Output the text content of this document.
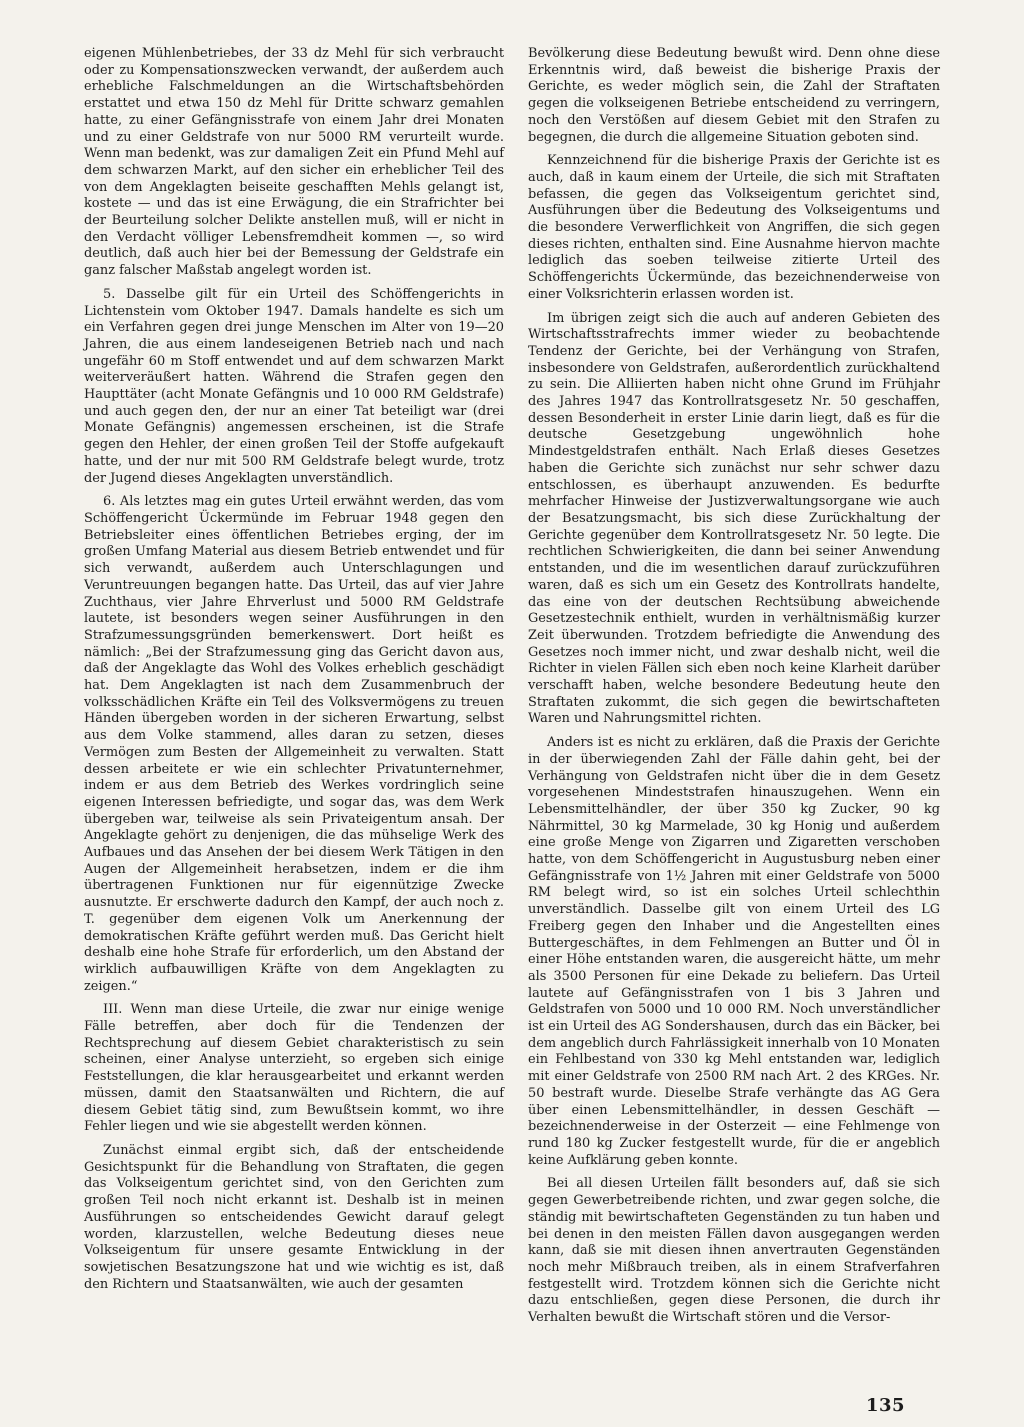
eigenen Mühlenbetriebes, der 33 dz Mehl für sich verbraucht oder zu Kompensationszwecken verwandt, der außerdem auch erhebliche Falschmeldungen an die Wirtschaftsbehörden erstattet und etwa 150 dz Mehl für Dritte schwarz gemahlen hatte, zu einer Gefängnisstrafe von einem Jahr drei Monaten und zu einer Geldstrafe von nur 5000 RM verurteilt wurde. Wenn man bedenkt, was zur damaligen Zeit ein Pfund Mehl auf dem schwarzen Markt, auf den sicher ein erheblicher Teil des von dem Angeklagten beiseite geschafften Mehls gelangt ist, kostete — und das ist eine Erwägung, die ein Strafrichter bei der Beurteilung solcher Delikte anstellen muß, will er nicht in den Verdacht völliger Lebensfremdheit kommen —, so wird deutlich, daß auch hier bei der Bemessung der Geldstrafe ein ganz falscher Maßstab angelegt worden ist.

5. Dasselbe gilt für ein Urteil des Schöffengerichts in Lichtenstein vom Oktober 1947. Damals handelte es sich um ein Verfahren gegen drei junge Menschen im Alter von 19—20 Jahren, die aus einem landeseigenen Betrieb nach und nach ungefähr 60 m Stoff entwendet und auf dem schwarzen Markt weiterveräußert hatten. Während die Strafen gegen den Haupttäter (acht Monate Gefängnis und 10 000 RM Geldstrafe) und auch gegen den, der nur an einer Tat beteiligt war (drei Monate Gefängnis) angemessen erscheinen, ist die Strafe gegen den Hehler, der einen großen Teil der Stoffe aufgekauft hatte, und der nur mit 500 RM Geldstrafe belegt wurde, trotz der Jugend dieses Angeklagten unverständlich.

6. Als letztes mag ein gutes Urteil erwähnt werden, das vom Schöffengericht Ückermünde im Februar 1948 gegen den Betriebsleiter eines öffentlichen Betriebes erging, der im großen Umfang Material aus diesem Betrieb entwendet und für sich verwandt, außerdem auch Unterschlagungen und Veruntreuungen begangen hatte. Das Urteil, das auf vier Jahre Zuchthaus, vier Jahre Ehrverlust und 5000 RM Geldstrafe lautete, ist besonders wegen seiner Ausführungen in den Strafzumessungsgründen bemerkenswert. Dort heißt es nämlich: „Bei der Strafzumessung ging das Gericht davon aus, daß der Angeklagte das Wohl des Volkes erheblich geschädigt hat. Dem Angeklagten ist nach dem Zusammenbruch der volksschädlichen Kräfte ein Teil des Volksvermögens zu treuen Händen übergeben worden in der sicheren Erwartung, selbst aus dem Volke stammend, alles daran zu setzen, dieses Vermögen zum Besten der Allgemeinheit zu verwalten. Statt dessen arbeitete er wie ein schlechter Privatunternehmer, indem er aus dem Betrieb des Werkes vordringlich seine eigenen Interessen befriedigte, und sogar das, was dem Werk übergeben war, teilweise als sein Privateigentum ansah. Der Angeklagte gehört zu denjenigen, die das mühselige Werk des Aufbaues und das Ansehen der bei diesem Werk Tätigen in den Augen der Allgemeinheit herabsetzen, indem er die ihm übertragenen Funktionen nur für eigennützige Zwecke ausnutzte. Er erschwerte dadurch den Kampf, der auch noch z. T. gegenüber dem eigenen Volk um Anerkennung der demokratischen Kräfte geführt werden muß. Das Gericht hielt deshalb eine hohe Strafe für erforderlich, um den Abstand der wirklich aufbauwilligen Kräfte von dem Angeklagten zu zeigen.“

III. Wenn man diese Urteile, die zwar nur einige wenige Fälle betreffen, aber doch für die Tendenzen der Rechtsprechung auf diesem Gebiet charakteristisch zu sein scheinen, einer Analyse unterzieht, so ergeben sich einige Feststellungen, die klar herausgearbeitet und erkannt werden müssen, damit den Staatsanwälten und Richtern, die auf diesem Gebiet tätig sind, zum Bewußtsein kommt, wo ihre Fehler liegen und wie sie abgestellt werden können.

Zunächst einmal ergibt sich, daß der entscheidende Gesichtspunkt für die Behandlung von Straftaten, die gegen das Volkseigentum gerichtet sind, von den Gerichten zum großen Teil noch nicht erkannt ist. Deshalb ist in meinen Ausführungen so entscheidendes Gewicht darauf gelegt worden, klarzustellen, welche Bedeutung dieses neue Volkseigentum für unsere gesamte Entwicklung in der sowjetischen Besatzungszone hat und wie wichtig es ist, daß den Richtern und Staatsanwälten, wie auch der gesamten

Bevölkerung diese Bedeutung bewußt wird. Denn ohne diese Erkenntnis wird, daß beweist die bisherige Praxis der Gerichte, es weder möglich sein, die Zahl der Straftaten gegen die volkseigenen Betriebe entscheidend zu verringern, noch den Verstößen auf diesem Gebiet mit den Strafen zu begegnen, die durch die allgemeine Situation geboten sind.

Kennzeichnend für die bisherige Praxis der Gerichte ist es auch, daß in kaum einem der Urteile, die sich mit Straftaten befassen, die gegen das Volkseigentum gerichtet sind, Ausführungen über die Bedeutung des Volkseigentums und die besondere Verwerflichkeit von Angriffen, die sich gegen dieses richten, enthalten sind. Eine Ausnahme hiervon machte lediglich das soeben teilweise zitierte Urteil des Schöffengerichts Ückermünde, das bezeichnenderweise von einer Volksrichterin erlassen worden ist.

Im übrigen zeigt sich die auch auf anderen Gebieten des Wirtschaftsstrafrechts immer wieder zu beobachtende Tendenz der Gerichte, bei der Verhängung von Strafen, insbesondere von Geldstrafen, außerordentlich zurückhaltend zu sein. Die Alliierten haben nicht ohne Grund im Frühjahr des Jahres 1947 das Kontrollratsgesetz Nr. 50 geschaffen, dessen Besonderheit in erster Linie darin liegt, daß es für die deutsche Gesetzgebung ungewöhnlich hohe Mindestgeldstrafen enthält. Nach Erlaß dieses Gesetzes haben die Gerichte sich zunächst nur sehr schwer dazu entschlossen, es überhaupt anzuwenden. Es bedurfte mehrfacher Hinweise der Justizverwaltungsorgane wie auch der Besatzungsmacht, bis sich diese Zurückhaltung der Gerichte gegenüber dem Kontrollratsgesetz Nr. 50 legte. Die rechtlichen Schwierigkeiten, die dann bei seiner Anwendung entstanden, und die im wesentlichen darauf zurückzuführen waren, daß es sich um ein Gesetz des Kontrollrats handelte, das eine von der deutschen Rechtsübung abweichende Gesetzestechnik enthielt, wurden in verhältnismäßig kurzer Zeit überwunden. Trotzdem befriedigte die Anwendung des Gesetzes noch immer nicht, und zwar deshalb nicht, weil die Richter in vielen Fällen sich eben noch keine Klarheit darüber verschafft haben, welche besondere Bedeutung heute den Straftaten zukommt, die sich gegen die bewirtschafteten Waren und Nahrungsmittel richten.

Anders ist es nicht zu erklären, daß die Praxis der Gerichte in der überwiegenden Zahl der Fälle dahin geht, bei der Verhängung von Geldstrafen nicht über die in dem Gesetz vorgesehenen Mindeststrafen hinauszugehen. Wenn ein Lebensmittelhändler, der über 350 kg Zucker, 90 kg Nährmittel, 30 kg Marmelade, 30 kg Honig und außerdem eine große Menge von Zigarren und Zigaretten verschoben hatte, von dem Schöffengericht in Augustusburg neben einer Gefängnisstrafe von 1½ Jahren mit einer Geldstrafe von 5000 RM belegt wird, so ist ein solches Urteil schlechthin unverständlich. Dasselbe gilt von einem Urteil des LG Freiberg gegen den Inhaber und die Angestellten eines Buttergeschäftes, in dem Fehlmengen an Butter und Öl in einer Höhe entstanden waren, die ausgereicht hätte, um mehr als 3500 Personen für eine Dekade zu beliefern. Das Urteil lautete auf Gefängnisstrafen von 1 bis 3 Jahren und Geldstrafen von 5000 und 10 000 RM. Noch unverständlicher ist ein Urteil des AG Sondershausen, durch das ein Bäcker, bei dem angeblich durch Fahrlässigkeit innerhalb von 10 Monaten ein Fehlbestand von 330 kg Mehl entstanden war, lediglich mit einer Geldstrafe von 2500 RM nach Art. 2 des KRGes. Nr. 50 bestraft wurde. Dieselbe Strafe verhängte das AG Gera über einen Lebensmittelhändler, in dessen Geschäft — bezeichnenderweise in der Osterzeit — eine Fehlmenge von rund 180 kg Zucker festgestellt wurde, für die er angeblich keine Aufklärung geben konnte.

Bei all diesen Urteilen fällt besonders auf, daß sie sich gegen Gewerbetreibende richten, und zwar gegen solche, die ständig mit bewirtschafteten Gegenständen zu tun haben und bei denen in den meisten Fällen davon ausgegangen werden kann, daß sie mit diesen ihnen anvertrauten Gegenständen noch mehr Mißbrauch treiben, als in einem Strafverfahren festgestellt wird. Trotzdem können sich die Gerichte nicht dazu entschließen, gegen diese Personen, die durch ihr Verhalten bewußt die Wirtschaft stören und die Versor-

135
